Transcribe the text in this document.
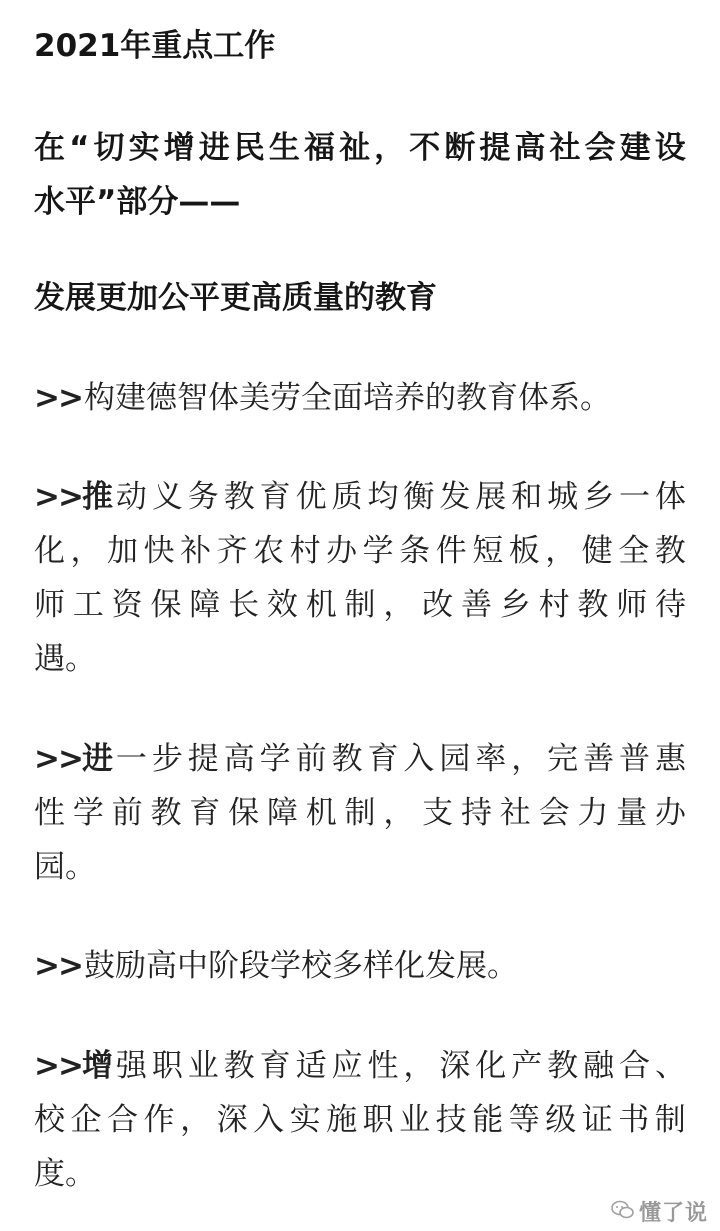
2021年重点工作
在 “ 切 实 增 进 民 生 福 祉 ， 不 断 提 高 社 会 建 设
水平”部分——
发展更加公平更高质量的教育
>>构建德智体美劳全面培养的教育体系。
>>推 动 义 务 教 育 优 质 均 衡 发 展 和 城 乡 一 体
化 ， 加 快 补 齐 农 村 办 学 条 件 短 板 ， 健 全 教
师 工 资 保 障 长 效 机 制 ， 改 善 乡 村 教 师 待
遇。
>>进 一 步 提 高 学 前 教 育 入 园 率 ， 完 善 普 惠
性 学 前 教 育 保 障 机 制 ， 支 持 社 会 力 量 办
园。
>>鼓励高中阶段学校多样化发展。
>>增 强 职 业 教 育 适 应 性 ， 深 化 产 教 融 合 、
校 企 合 作 ， 深 入 实 施 职 业 技 能 等 级 证 书 制
度。
懂了说
